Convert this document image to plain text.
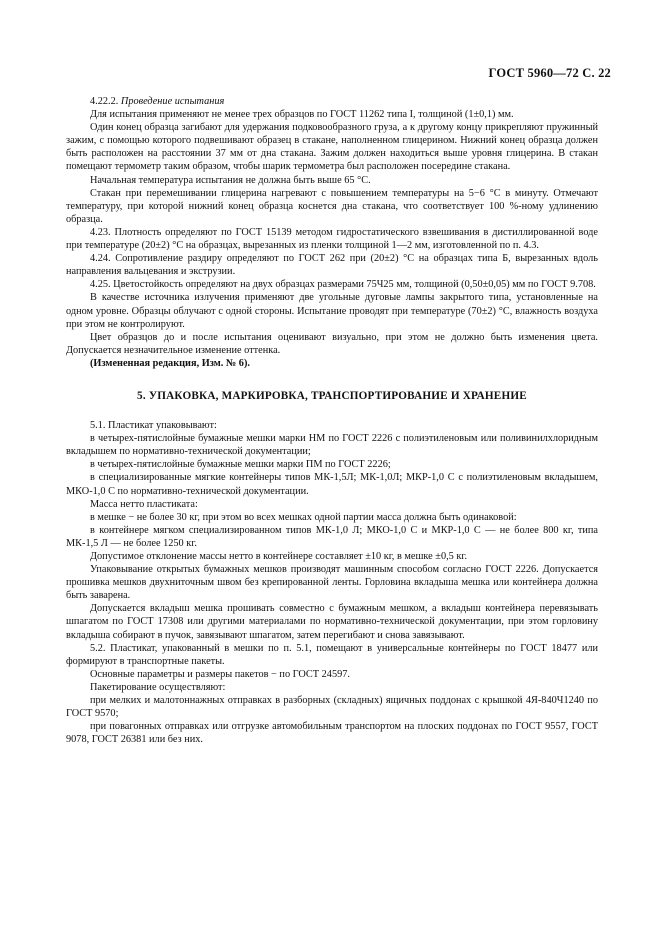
ГОСТ 5960—72 С. 22

4.22.2. Проведение испытания

Для испытания применяют не менее трех образцов по ГОСТ 11262 типа I, толщиной (1±0,1) мм.

Один конец образца загибают для удержания подковообразного груза, а к другому концу прикрепляют пружинный зажим, с помощью которого подвешивают образец в стакане, наполненном глицерином. Нижний конец образца должен быть расположен на расстоянии 37 мм от дна стакана. Зажим должен находиться выше уровня глицерина. В стакан помещают термометр таким образом, чтобы шарик термометра был расположен посередине стакана.

Начальная температура испытания не должна быть выше 65 °С.

Стакан при перемешивании глицерина нагревают с повышением температуры на 5−6 °С в минуту. Отмечают температуру, при которой нижний конец образца коснется дна стакана, что соответствует 100 %-ному удлинению образца.

4.23. Плотность определяют по ГОСТ 15139 методом гидростатического взвешивания в дистиллированной воде при температуре (20±2) °С на образцах, вырезанных из пленки толщиной 1—2 мм, изготовленной по п. 4.3.

4.24. Сопротивление раздиру определяют по ГОСТ 262 при (20±2) °С на образцах типа Б, вырезанных вдоль направления вальцевания и экструзии.

4.25. Цветостойкость определяют на двух образцах размерами 75Ч25 мм, толщиной (0,50±0,05) мм по ГОСТ 9.708.

В качестве источника излучения применяют две угольные дуговые лампы закрытого типа, установленные на одном уровне. Образцы облучают с одной стороны. Испытание проводят при температуре (70±2) °С, влажность воздуха при этом не контролируют.

Цвет образцов до и после испытания оценивают визуально, при этом не должно быть изменения цвета. Допускается незначительное изменение оттенка.

(Измененная редакция, Изм. № 6).

5. УПАКОВКА, МАРКИРОВКА, ТРАНСПОРТИРОВАНИЕ И ХРАНЕНИЕ

5.1. Пластикат упаковывают:

в четырех-пятислойные бумажные мешки марки НМ по ГОСТ 2226 с полиэтиленовым или поливинилхлоридным вкладышем по нормативно-технической документации;

в четырех-пятислойные бумажные мешки марки ПМ по ГОСТ 2226;

в специализированные мягкие контейнеры типов МК-1,5Л; МК-1,0Л; МКР-1,0 С с полиэтиленовым вкладышем, МКО-1,0 С по нормативно-технической документации.

Масса нетто пластиката:

в мешке − не более 30 кг, при этом во всех мешках одной партии масса должна быть одинаковой:

в контейнере мягком специализированном типов МК-1,0 Л; МКО-1,0 С и МКР-1,0 С — не более 800 кг, типа МК-1,5 Л — не более 1250 кг.

Допустимое отклонение массы нетто в контейнере составляет ±10 кг, в мешке ±0,5 кг.

Упаковывание открытых бумажных мешков производят машинным способом согласно ГОСТ 2226. Допускается прошивка мешков двухниточным швом без крепированной ленты. Горловина вкладыша мешка или контейнера должна быть заварена.

Допускается вкладыш мешка прошивать совместно с бумажным мешком, а вкладыш контейнера перевязывать шпагатом по ГОСТ 17308 или другими материалами по нормативно-технической документации, при этом горловину вкладыша собирают в пучок, завязывают шпагатом, затем перегибают и снова завязывают.

5.2. Пластикат, упакованный в мешки по п. 5.1, помещают в универсальные контейнеры по ГОСТ 18477 или формируют в транспортные пакеты.

Основные параметры и размеры пакетов − по ГОСТ 24597.

Пакетирование осуществляют:

при мелких и малотоннажных отправках в разборных (складных) ящичных поддонах с крышкой 4Я-840Ч1240 по ГОСТ 9570;

при повагонных отправках или отгрузке автомобильным транспортом на плоских поддонах по ГОСТ 9557, ГОСТ 9078, ГОСТ 26381 или без них.
